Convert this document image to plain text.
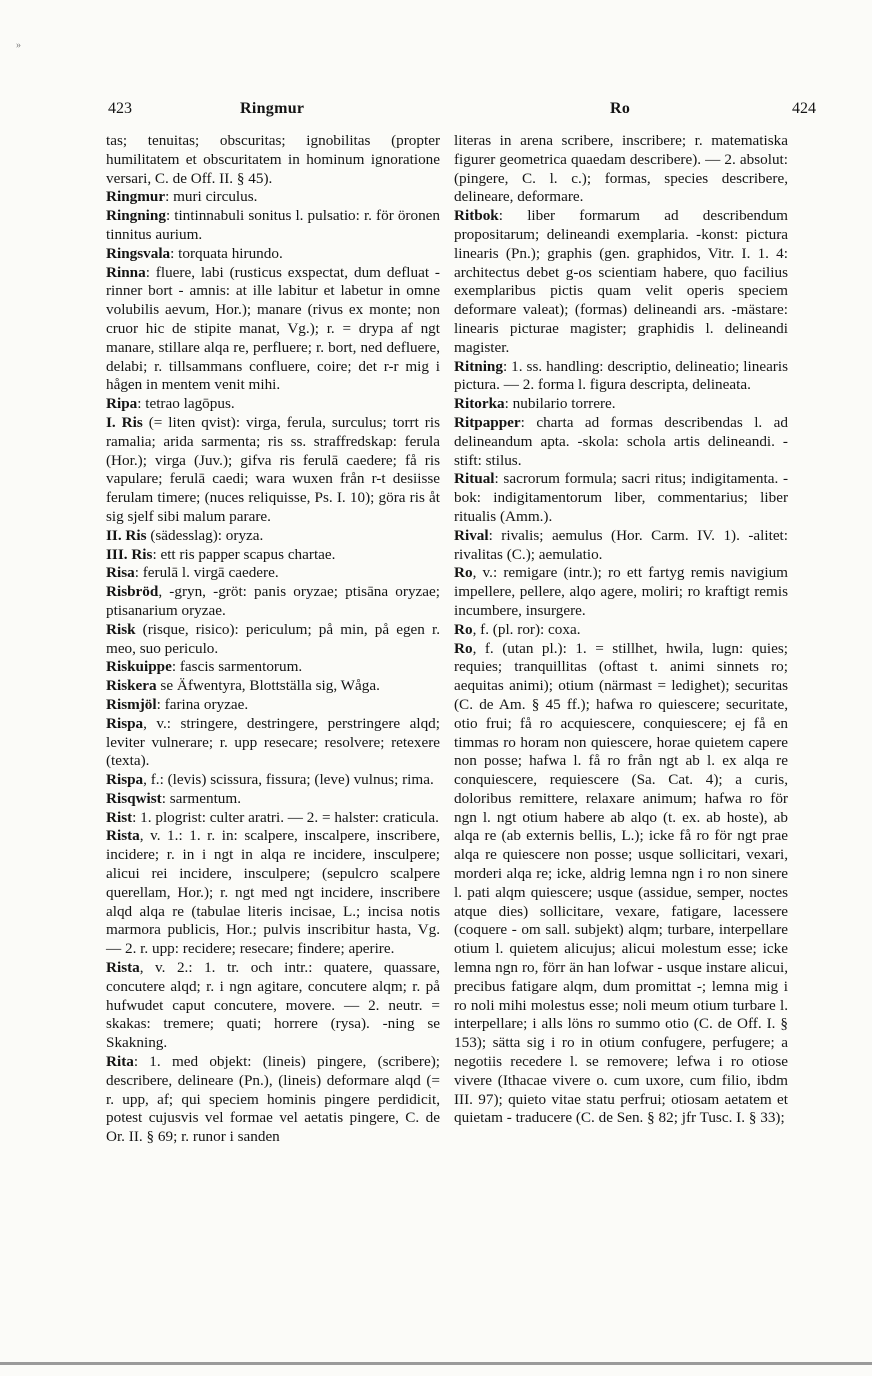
»
423	Ringmur	Ro	424

tas; tenuitas; obscuritas; ignobilitas (propter humilitatem et obscuritatem in hominum ignoratione versari, C. de Off. II. § 45).

Ringmur: muri circulus.

Ringning: tintinnabuli sonitus l. pulsatio: r. för öronen tinnitus aurium.

Ringsvala: torquata hirundo.

Rinna: fluere, labi (rusticus exspectat, dum defluat - rinner bort - amnis: at ille labitur et labetur in omne volubilis aevum, Hor.); manare (rivus ex monte; non cruor hic de stipite manat, Vg.); r. = drypa af ngt manare, stillare alqa re, perfluere; r. bort, ned defluere, delabi; r. tillsammans confluere, coire; det r-r mig i hågen in mentem venit mihi.

Ripa: tetrao lagōpus.

I. Ris (= liten qvist): virga, ferula, surculus; torrt ris ramalia; arida sarmenta; ris ss. straffredskap: ferula (Hor.); virga (Juv.); gifva ris ferulā caedere; få ris vapulare; ferulā caedi; wara wuxen från r-t desiisse ferulam timere; (nuces reliquisse, Ps. I. 10); göra ris åt sig sjelf sibi malum parare.

II. Ris (sädesslag): oryza.

III. Ris: ett ris papper scapus chartae.

Risa: ferulā l. virgā caedere.

Risbröd, -gryn, -gröt: panis oryzae; ptisāna oryzae; ptisanarium oryzae.

Risk (risque, risico): periculum; på min, på egen r. meo, suo periculo.

Riskuippe: fascis sarmentorum.

Riskera se Äfwentyra, Blottställa sig, Wåga.

Rismjöl: farina oryzae.

Rispa, v.: stringere, destringere, perstringere alqd; leviter vulnerare; r. upp resecare; resolvere; retexere (texta).

Rispa, f.: (levis) scissura, fissura; (leve) vulnus; rima.

Risqwist: sarmentum.

Rist: 1. plogrist: culter aratri. — 2. = halster: craticula.

Rista, v. 1.: 1. r. in: scalpere, inscalpere, inscribere, incidere; r. in i ngt in alqa re incidere, insculpere; alicui rei incidere, insculpere; (sepulcro scalpere querellam, Hor.); r. ngt med ngt incidere, inscribere alqd alqa re (tabulae literis incisae, L.; incisa notis marmora publicis, Hor.; pulvis inscribitur hasta, Vg. — 2. r. upp: recidere; resecare; findere; aperire.

Rista, v. 2.: 1. tr. och intr.: quatere, quassare, concutere alqd; r. i ngn agitare, concutere alqm; r. på hufwudet caput concutere, movere. — 2. neutr. = skakas: tremere; quati; horrere (rysa). -ning se Skakning.

Rita: 1. med objekt: (lineis) pingere, (scribere); describere, delineare (Pn.), (lineis) deformare alqd (= r. upp, af; qui speciem hominis pingere perdidicit, potest cujusvis vel formae vel aetatis pingere, C. de Or. II. § 69; r. runor i sanden

literas in arena scribere, inscribere; r. matematiska figurer geometrica quaedam describere). — 2. absolut: (pingere, C. l. c.); formas, species describere, delineare, deformare.

Ritbok: liber formarum ad describendum propositarum; delineandi exemplaria. -konst: pictura linearis (Pn.); graphis (gen. graphidos, Vitr. I. 1. 4: architectus debet g-os scientiam habere, quo facilius exemplaribus pictis quam velit operis speciem deformare valeat); (formas) delineandi ars. -mästare: linearis picturae magister; graphidis l. delineandi magister.

Ritning: 1. ss. handling: descriptio, delineatio; linearis pictura. — 2. forma l. figura descripta, delineata.

Ritorka: nubilario torrere.

Ritpapper: charta ad formas describendas l. ad delineandum apta. -skola: schola artis delineandi. -stift: stilus.

Ritual: sacrorum formula; sacri ritus; indigitamenta. -bok: indigitamentorum liber, commentarius; liber ritualis (Amm.).

Rival: rivalis; aemulus (Hor. Carm. IV. 1). -alitet: rivalitas (C.); aemulatio.

Ro, v.: remigare (intr.); ro ett fartyg remis navigium impellere, pellere, alqo agere, moliri; ro kraftigt remis incumbere, insurgere.

Ro, f. (pl. ror): coxa.

Ro, f. (utan pl.): 1. = stillhet, hwila, lugn: quies; requies; tranquillitas (oftast t. animi sinnets ro; aequitas animi); otium (närmast = ledighet); securitas (C. de Am. § 45 ff.); hafwa ro quiescere; securitate, otio frui; få ro acquiescere, conquiescere; ej få en timmas ro horam non quiescere, horae quietem capere non posse; hafwa l. få ro från ngt ab l. ex alqa re conquiescere, requiescere (Sa. Cat. 4); a curis, doloribus remittere, relaxare animum; hafwa ro för ngn l. ngt otium habere ab alqo (t. ex. ab hoste), ab alqa re (ab externis bellis, L.); icke få ro för ngt prae alqa re quiescere non posse; usque sollicitari, vexari, morderi alqa re; icke, aldrig lemna ngn i ro non sinere l. pati alqm quiescere; usque (assidue, semper, noctes atque dies) sollicitare, vexare, fatigare, lacessere (coquere - om sall. subjekt) alqm; turbare, interpellare otium l. quietem alicujus; alicui molestum esse; icke lemna ngn ro, förr än han lofwar - usque instare alicui, precibus fatigare alqm, dum promittat -; lemna mig i ro noli mihi molestus esse; noli meum otium turbare l. interpellare; i alls löns ro summo otio (C. de Off. I. § 153); sätta sig i ro in otium confugere, perfugere; a negotiis recedere l. se removere; lefwa i ro otiose vivere (Ithacae vivere o. cum uxore, cum filio, ibdm III. 97); quieto vitae statu perfrui; otiosam aetatem et quietam - traducere (C. de Sen. § 82; jfr Tusc. I. § 33);
